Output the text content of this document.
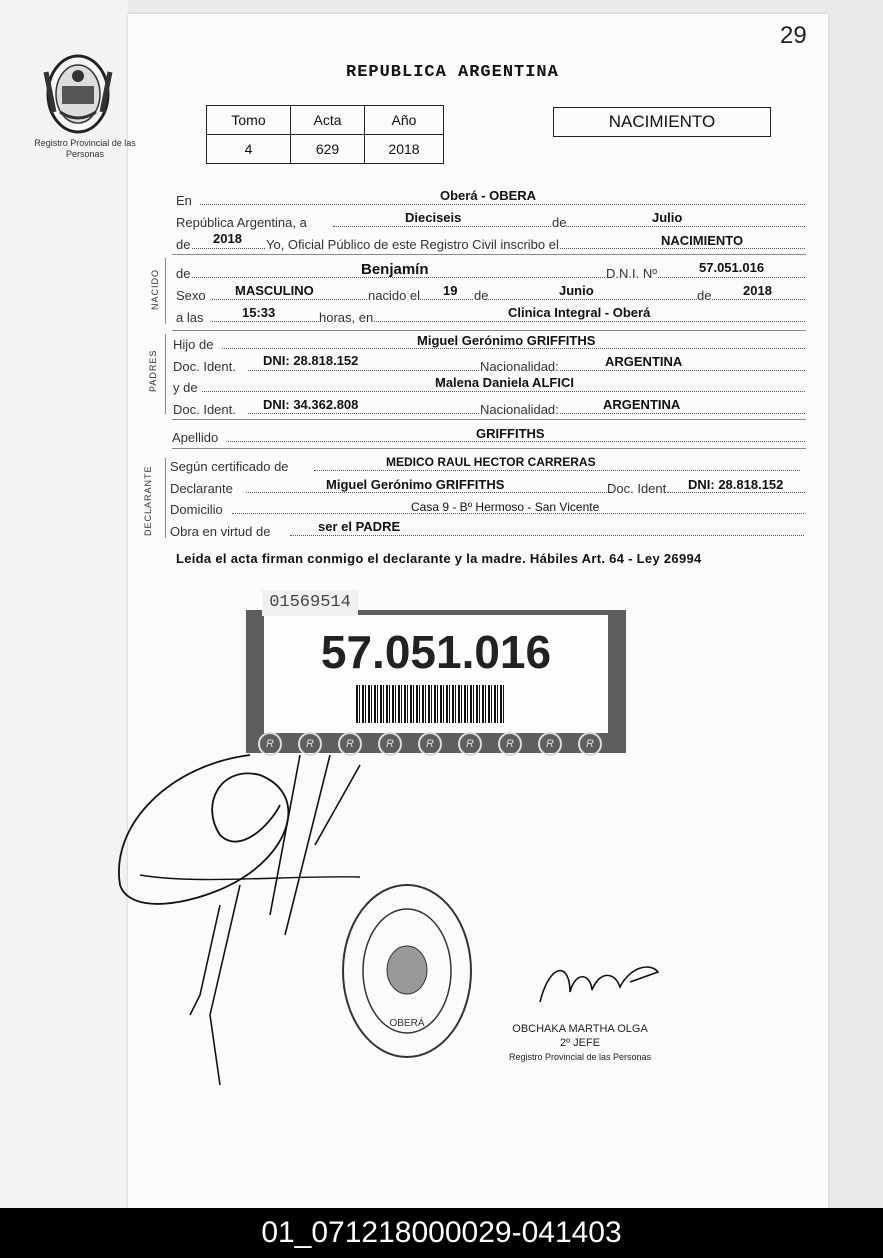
29
Registro Provincial de las Personas
REPUBLICA ARGENTINA
Tomo	Acta	Año
4	629	2018
NACIMIENTO
En	Oberá - OBERA
República Argentina, a	Dieciseis	de	Julio
de 2018 Yo, Oficial Público de este Registro Civil inscribo el	NACIMIENTO
NACIDO de	Benjamín	D.N.I. Nº	57.051.016
Sexo MASCULINO	nacido el 19 de	Junio	de 2018
a las	15:33	horas, en	Clinica Integral - Oberá
PADRES
Hijo de	Miguel Gerónimo GRIFFITHS
Doc. Ident. DNI: 28.818.152	Nacionalidad:	ARGENTINA
y de	Malena Daniela ALFICI
Doc. Ident. DNI: 34.362.808	Nacionalidad:	ARGENTINA
Apellido	GRIFFITHS
DECLARANTE Según certificado de	MEDICO RAUL HECTOR CARRERAS
Declarante	Miguel Gerónimo GRIFFITHS	Doc. Ident. DNI: 28.818.152
Domicilio	Casa 9 - Bº Hermoso - San Vicente
Obra en virtud de	ser el PADRE
Leida el acta firman conmigo el declarante y la madre. Hábiles Art. 64 - Ley 26994
57.051.016
R	R	R	R	R	R	R	R	R
01569514
OBERÁ	OBCHAKA MARTHA OLGA
2º JEFE
Registro Provincial de las Personas
01_071218000029-041403
